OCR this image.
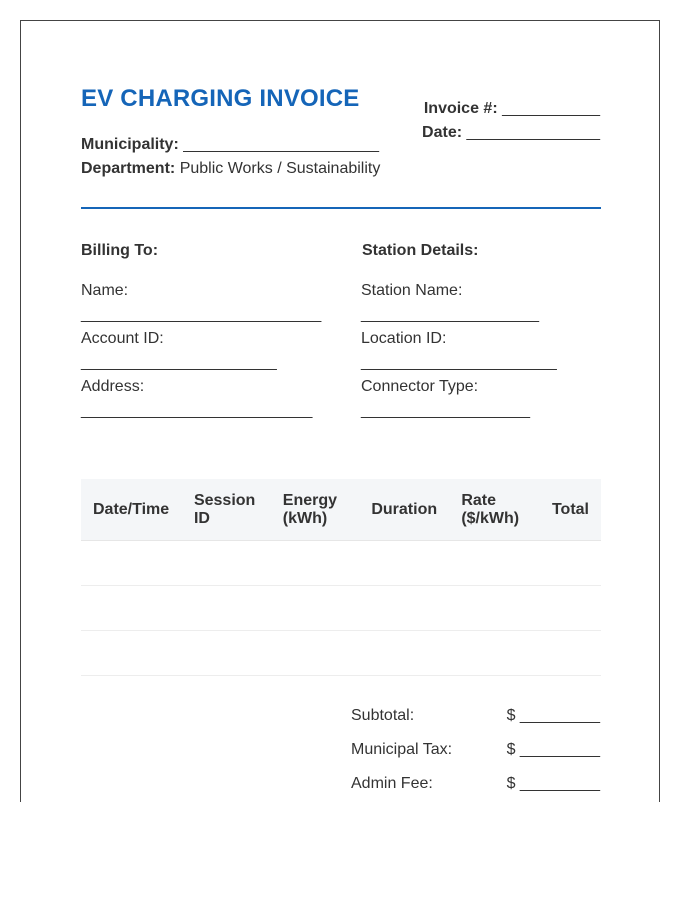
EV CHARGING INVOICE	Invoice #: ___________
Date: _______________
Municipality: ______________________
Department: Public Works / Sustainability
Billing To:
Name:
___________________________
Account ID:
______________________
Address:
__________________________
Station Details:
Station Name:
____________________
Location ID:
______________________
Connector Type:
___________________
Date/Time	Session ID	Energy (kWh)	Duration	Rate ($/kWh)	Total

Subtotal:	$ _________
Municipal Tax:	$ _________
Admin Fee:	$ _________
